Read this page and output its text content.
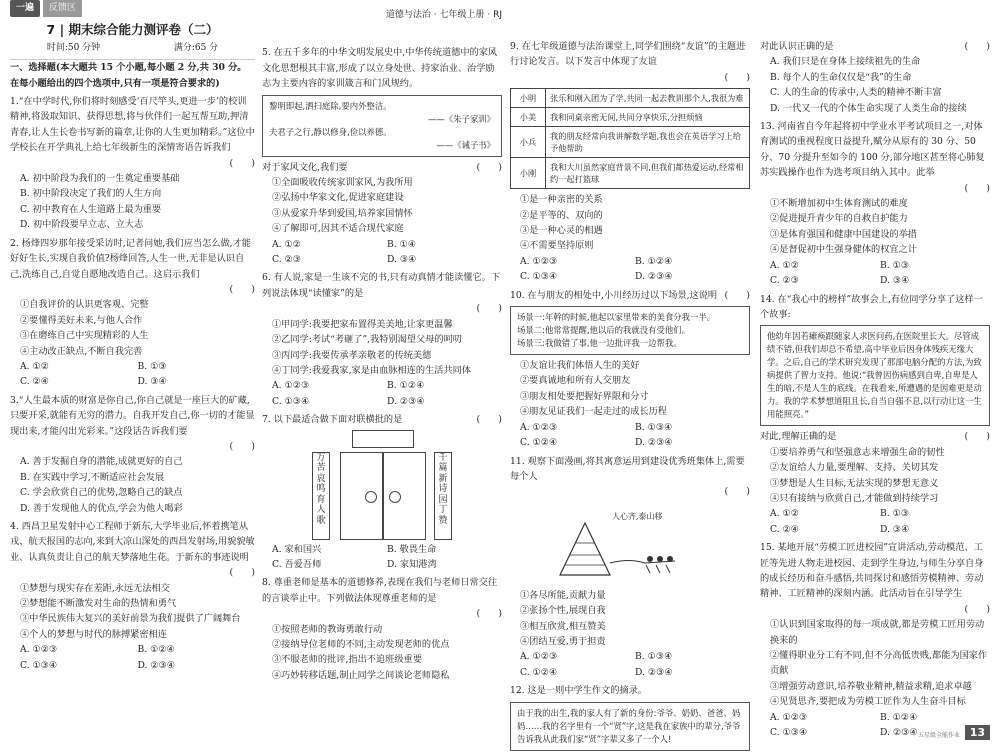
一遍 反馈区
7 | 期末综合能力测评卷（二）
时间:50 分钟	满分:65 分

一、选择题(本大题共 15 个小题,每小题 2 分,共 30 分。在每小题给出的四个选项中,只有一项是符合要求的)

1.“在中学时代,你们将时刻感受‘百尺竿头,更进一步’的校训精神,将汲取知识、获得思想,将与伙伴们一起互帮互助,押清青春,让人生长卷书写新的篇章,让你的人生更加精彩。”这位中学校长在开学典礼上给七年级新生的深情寄语告诉我们

(　　)

A. 初中阶段为我们的一生奠定重要基础

B. 初中阶段决定了我们的人生方向

C. 初中教育在人生道路上最为重要

D. 初中阶段要早立志、立大志

2. 杨烽四岁那年接受采访时,记者问她,我们应当怎么做,才能好好生长,实现自我价值?杨烽回答,人生一世,无非是认识自己,洗练自己,自觉自愿地改造自己。这启示我们

(　　)

①自我评价的认识更客观、完整

②要懂得美好未来,与他人合作

③在磨练自己中实现精彩的人生

④主动改正缺点,不断自我完善

A. ①②	B. ①③
C. ②④	D. ③④

3.“人生最本质的财富是你自己,你自己就是一座巨大的矿藏,只要开采,就能有无穷的潜力。自我开发自己,你一切的才能显现出来,才能闪出光彩来。”这段话告诉我们要

(　　)

A. 善于发掘自身的潜能,成就更好的自己

B. 在实践中学习,不断适应社会发展

C. 学会欣赏自己的优势,忽略自己的缺点

D. 善于发现他人的优点,学会为他人喝彩

4. 西昌卫星发射中心工程师于新东,大学毕业后,怀着携笔从戎、航天报国的志向,来到大凉山深处的西昌发射场,用貌貌敏业、认真负责让自己的航天梦落地生花。于新东的事迹说明

(　　)

①梦想与现实存在差距,永远无法相交

②梦想能不断激发对生命的热情和勇气

③中华民族伟大复兴的美好前景为我们提供了广阔舞台

④个人的梦想与时代的脉搏紧密相连

A. ①②③	B. ①②④
C. ①③④	D. ②③④
道德与法治 · 七年级上册 · RJ

5. 在五千多年的中华文明发展史中,中华传统道德中的家风文化思想根其丰富,形成了以立身处世、持家治业、治学励志为主要内容的家训箴言和门风规约。

黎明即起,洒扫庭除,要内外整洁。

——《朱子家训》

夫君子之行,静以修身,俭以养德。

——《诫子书》

对于家风文化,我们要	(　　)

①全面吸收传统家训家风,为我所用

②弘扬中华家文化,促进家庭建设

③从爱家升华到爱国,培养家国情怀

④了解即可,因其不适合现代家庭

A. ①②	B. ①④
C. ②③	D. ③④

6. 有人说,家是一生该不完的书,只有动真情才能读懂它。下列说法体现“读懂家”的是

(　　)

①甲同学:我要把家布置得美美地,让家更温馨

②乙同学:考试“考砸了”,我特别渴望父母的呵叨

③丙同学:我要传承孝亲敬老的传统美德

④丁同学:我爱我家,家是由血脉相连的生活共同体

A. ①②③	B. ①②④
C. ①③④	D. ②③④

7. 以下最适合做下面对联横批的是	(　　)

万苦哀鸣育人歌
千篇新诗园丁赞
A. 家和国兴	B. 敬畏生命
C. 吾爱吾师	D. 家知港湾

8. 尊重老师是基本的道德修养,表现在我们与老师日常交往的言谈举止中。下列做法体现尊重老师的是

(　　)

①按照老师的教诲勇敢行动

②接纳导位老师的不同,主动发现老师的优点

③不服老师的批评,指出不追班级重要

④巧妙转移话题,制止同学之间谈论老师隐私

9. 在七年级道德与法治课堂上,同学们围绕“友谊”的主题进行讨论发言。以下发言中体现了友谊

(　　)

小明	张乐和刚入团为了学,共同一起去教训那个人,我很为难
小美	我和同桌亲密无间,共同分享快乐,分担烦恼
小兵	我的朋友经常向我讲解数学题,我也会在英语学习上给予他帮助
小刚	我和大川虽然家庭背景不同,但我们都热爱运动,经常相约一起打篮球

①是一种亲密的关系

②是平等的、双向的

③是一种心灵的相遇

④不需要坚持原则

A. ①②③	B. ①②④
C. ①③④	D. ②③④

10. 在与朋友的相处中,小川经历过以下场景,这说明 (　　)

场景一:年幹的时候,他起以家里带来的美食分我一半。

场景二:他常常提醒,他以后的我就没有受他们。

场景三:我做错了事,他一边批评我一边帮我。

①友谊让我们体悟人生的美好

②要真诚地和所有人交朋友

③朋友相处要把握好界限和分寸

④朋友见证我们一起走过的成长历程

A. ①②③	B. ①③④
C. ①②④	D. ②③④

11. 观察下面漫画,将其寓意运用到建设优秀班集体上,需要每个人

(　　)

人心齐,泰山移

①各尽所能,贡献力量

②张扬个性,展现自我

③相互欣赏,相互赞美

④团结互爱,勇于担责

A. ①②③	B. ①③④
C. ①②④	D. ②③④

12. 这是一则中学生作文的摘录。

由于我的出生,我的家人有了新的身份:爷爷、奶奶、爸爸、妈妈……我的名字里有一个“贤”字,这是我在家族中的辈分,爷爷告诉我从此我们家“贤”字辈又多了一个人!

对此认识正确的是	(　　)

A. 我们只是在身体上接续祖先的生命

B. 每个人的生命仅仅是“我”的生命

C. 人的生命的传承中,人类的精神不断丰富

D. 一代又一代的个体生命实现了人类生命的接续

13. 河南省自今年起将初中学业水平考试项目之一,对体育测试的重视程度日益提升,赋分从原有的 30 分、50 分、70 分提升至如今的 100 分,部分地区甚至将心肺复苏实践操作也作为选考项目纳入其中。此举

(　　)

①不断增加初中生体育测试的难度

②促进提升青少年的自救自护能力

③是体育强国和健康中国建设的举措

④是督促初中生强身健体的权宜之计

A. ①②	B. ①③
C. ②③	D. ③④

14. 在“我心中的榜样”故事会上,有位同学分享了这样一个故事:

他幼年因若瘫痪跟随家人求医问药,在医院里长大。尽管成绩不错,但我们却总不希望,高中毕业后因身体残疾无缘大学。之后,自己的学术研究发现了那部电脑分配的方法,为致病提供了智力支持。他说:“我曾因伤病感到自卑,自卑是人生的暗,不是人生的底线。在我看来,所遭遇的是因难更是动力。我的学术梦想道阻且长,自当自强不息,以行动让这一生用能照亮。”

对此,理解正确的是	(　　)

①要培养勇气和坚强意志来增强生命的韧性

②友谊给人力量,要理解、支持、关切其发

③梦想是人生目标,无法实现的梦想无意义

④只有接纳与欣赏自己,才能做到持续学习

A. ①②	B. ①③
C. ②④	D. ③④

15. 某地开展“劳模工匠进校园”宣讲活动,劳动模范、工匠等先进人物走进校园、走到学生身边,与师生分享自身的成长经历和奋斗感悟,共同探讨和感悟劳模精神、劳动精神、工匠精神的深刻内涵。此活动旨在引导学生

(　　)

①认识到国家取得的每一项成就,都是劳模工匠用劳动换来的

②懂得职业分工有不同,但不分高低贵贱,都能为国家作贡献

③增强劳动意识,培养敬业精神,精益求精,追求卓越

④见贤思齐,要把成为劳模工匠作为人生奋斗目标

A. ①②③	B. ①②④
C. ①③④	D. ②③④ 五星级全能作业 13
